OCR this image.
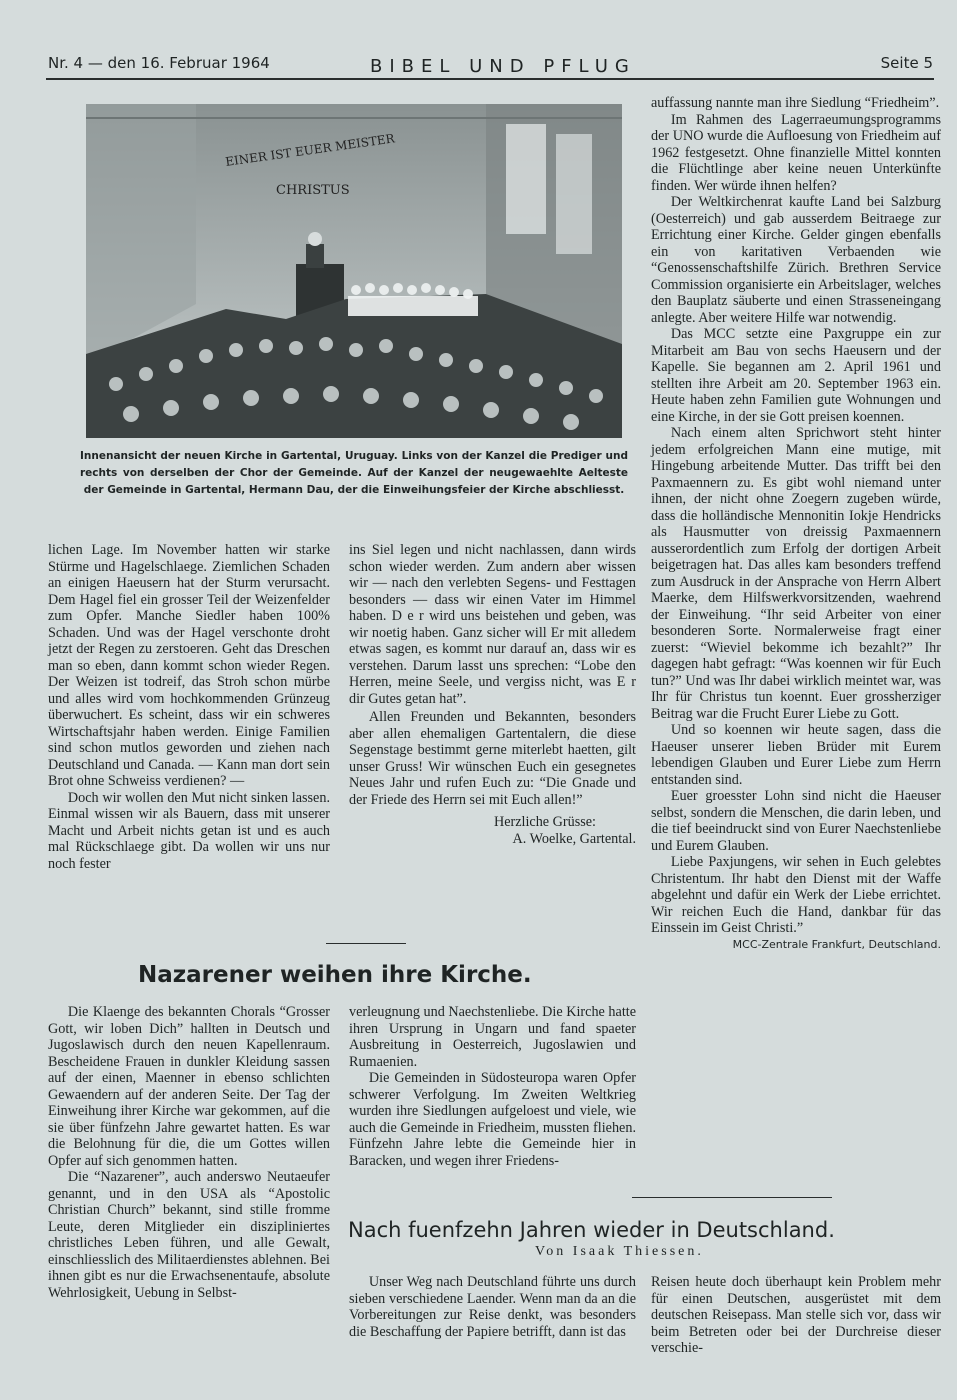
Nr. 4 — den 16. Februar 1964	BIBEL UND PFLUG	Seite 5
EINER IST EUER MEISTER
CHRISTUS
Innenansicht der neuen Kirche in Gartental, Uruguay. Links von der Kanzel die Prediger und rechts von derselben der Chor der Gemeinde. Auf der Kanzel der neugewaehlte Aelteste der Gemeinde in Gartental, Hermann Dau, der die Einweihungsfeier der Kirche abschliesst.

lichen Lage. Im November hatten wir starke Stürme und Hagelschlaege. Ziemlichen Schaden an einigen Haeusern hat der Sturm verursacht. Dem Hagel fiel ein grosser Teil der Weizenfelder zum Opfer. Manche Siedler haben 100% Schaden. Und was der Hagel verschonte droht jetzt der Regen zu zerstoeren. Geht das Dreschen man so eben, dann kommt schon wieder Regen. Der Weizen ist todreif, das Stroh schon mürbe und alles wird vom hochkommenden Grünzeug überwuchert. Es scheint, dass wir ein schweres Wirtschaftsjahr haben werden. Einige Familien sind schon mutlos geworden und ziehen nach Deutschland und Canada. — Kann man dort sein Brot ohne Schweiss verdienen? —

Doch wir wollen den Mut nicht sinken lassen. Einmal wissen wir als Bauern, dass mit unserer Macht und Arbeit nichts getan ist und es auch mal Rückschlaege gibt. Da wollen wir uns nur noch fester

ins Siel legen und nicht nachlassen, dann wirds schon wieder werden. Zum andern aber wissen wir — nach den verlebten Segens- und Festtagen besonders — dass wir einen Vater im Himmel haben. D e r wird uns beistehen und geben, was wir noetig haben. Ganz sicher will Er mit alledem etwas sagen, es kommt nur darauf an, dass wir es verstehen. Darum lasst uns sprechen: “Lobe den Herren, meine Seele, und vergiss nicht, was E r dir Gutes getan hat”.

Allen Freunden und Bekannten, besonders aber allen ehemaligen Gartentalern, die diese Segenstage bestimmt gerne miterlebt haetten, gilt unser Gruss! Wir wünschen Euch ein gesegnetes Neues Jahr und rufen Euch zu: “Die Gnade und der Friede des Herrn sei mit Euch allen!”

Herzliche Grüsse:

A. Woelke, Gartental.

Nazarener weihen ihre Kirche.

Die Klaenge des bekannten Chorals “Grosser Gott, wir loben Dich” hallten in Deutsch und Jugoslawisch durch den neuen Kapellenraum. Bescheidene Frauen in dunkler Kleidung sassen auf der einen, Maenner in ebenso schlichten Gewaendern auf der anderen Seite. Der Tag der Einweihung ihrer Kirche war gekommen, auf die sie über fünfzehn Jahre gewartet hatten. Es war die Belohnung für die, die um Gottes willen Opfer auf sich genommen hatten.

Die “Nazarener”, auch anderswo Neutaeufer genannt, und in den USA als “Apostolic Christian Church” bekannt, sind stille fromme Leute, deren Mitglieder ein diszipliniertes christliches Leben führen, und alle Gewalt, einschliesslich des Militaerdienstes ablehnen. Bei ihnen gibt es nur die Erwachsenentaufe, absolute Wehrlosigkeit, Uebung in Selbst-

verleugnung und Naechstenliebe. Die Kirche hatte ihren Ursprung in Ungarn und fand spaeter Ausbreitung in Oesterreich, Jugoslawien und Rumaenien.

Die Gemeinden in Südosteuropa waren Opfer schwerer Verfolgung. Im Zweiten Weltkrieg wurden ihre Siedlungen aufgeloest und viele, wie auch die Gemeinde in Friedheim, mussten fliehen. Fünfzehn Jahre lebte die Gemeinde hier in Baracken, und wegen ihrer Friedens-

auffassung nannte man ihre Siedlung “Friedheim”.

Im Rahmen des Lagerraeumungsprogramms der UNO wurde die Aufloesung von Friedheim auf 1962 festgesetzt. Ohne finanzielle Mittel konnten die Flüchtlinge aber keine neuen Unterkünfte finden. Wer würde ihnen helfen?

Der Weltkirchenrat kaufte Land bei Salzburg (Oesterreich) und gab ausserdem Beitraege zur Errichtung einer Kirche. Gelder gingen ebenfalls ein von karitativen Verbaenden wie “Genossenschaftshilfe Zürich. Brethren Service Commission organisierte ein Arbeitslager, welches den Bauplatz säuberte und einen Strasseneingang anlegte. Aber weitere Hilfe war notwendig.

Das MCC setzte eine Paxgruppe ein zur Mitarbeit am Bau von sechs Haeusern und der Kapelle. Sie begannen am 2. April 1961 und stellten ihre Arbeit am 20. September 1963 ein. Heute haben zehn Familien gute Wohnungen und eine Kirche, in der sie Gott preisen koennen.

Nach einem alten Sprichwort steht hinter jedem erfolgreichen Mann eine mutige, mit Hingebung arbeitende Mutter. Das trifft bei den Paxmaennern zu. Es gibt wohl niemand unter ihnen, der nicht ohne Zoegern zugeben würde, dass die holländische Mennonitin Iokje Hendricks als Hausmutter von dreissig Paxmaennern ausserordentlich zum Erfolg der dortigen Arbeit beigetragen hat. Das alles kam besonders treffend zum Ausdruck in der Ansprache von Herrn Albert Maerke, dem Hilfswerkvorsitzenden, waehrend der Einweihung. “Ihr seid Arbeiter von einer besonderen Sorte. Normalerweise fragt einer zuerst: “Wieviel bekomme ich bezahlt?” Ihr dagegen habt gefragt: “Was koennen wir für Euch tun?” Und was Ihr dabei wirklich meintet war, was Ihr für Christus tun koennt. Euer grossherziger Beitrag war die Frucht Eurer Liebe zu Gott.

Und so koennen wir heute sagen, dass die Haeuser unserer lieben Brüder mit Eurem lebendigen Glauben und Eurer Liebe zum Herrn entstanden sind.

Euer groesster Lohn sind nicht die Haeuser selbst, sondern die Menschen, die darin leben, und die tief beeindruckt sind von Eurer Naechstenliebe und Eurem Glauben.

Liebe Paxjungens, wir sehen in Euch gelebtes Christentum. Ihr habt den Dienst mit der Waffe abgelehnt und dafür ein Werk der Liebe errichtet. Wir reichen Euch die Hand, dankbar für das Einssein im Geist Christi.”

MCC-Zentrale Frankfurt, Deutschland.

Nach fuenfzehn Jahren wieder in Deutschland.
Von Isaak Thiessen.

Unser Weg nach Deutschland führte uns durch sieben verschiedene Laender. Wenn man da an die Vorbereitungen zur Reise denkt, was besonders die Beschaffung der Papiere betrifft, dann ist das

Reisen heute doch überhaupt kein Problem mehr für einen Deutschen, ausgerüstet mit dem deutschen Reisepass. Man stelle sich vor, dass wir beim Betreten oder bei der Durchreise dieser verschie-
